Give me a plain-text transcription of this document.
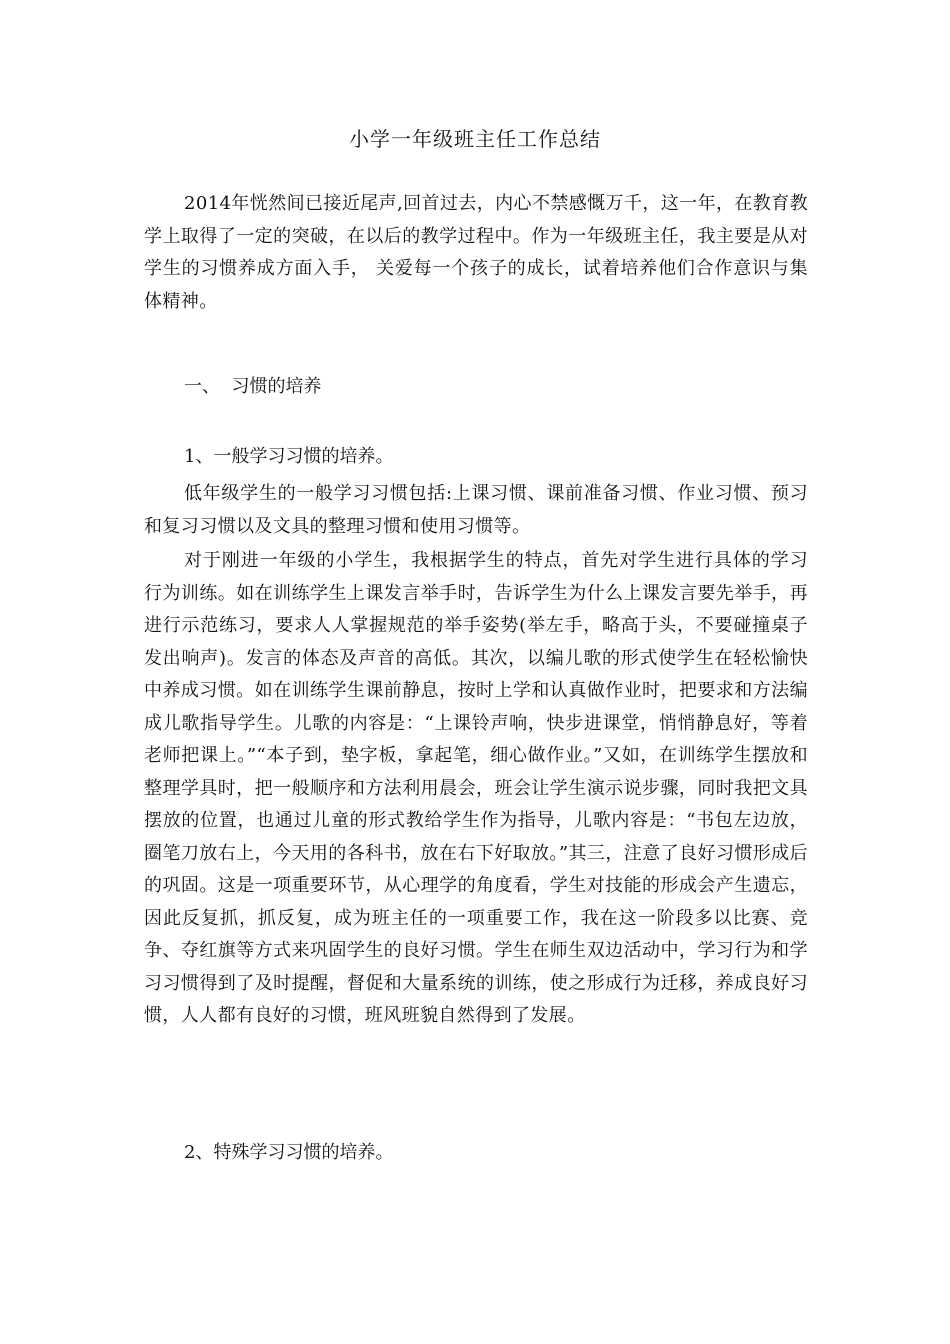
小学一年级班主任工作总结

2014年恍然间已接近尾声,回首过去，内心不禁感慨万千，这一年，在教育教学上取得了一定的突破，在以后的教学过程中。作为一年级班主任，我主要是从对学生的习惯养成方面入手， 关爱每一个孩子的成长，试着培养他们合作意识与集体精神。

一、  习惯的培养
1、一般学习习惯的培养。

低年级学生的一般学习习惯包括:上课习惯、课前准备习惯、作业习惯、预习和复习习惯以及文具的整理习惯和使用习惯等。

对于刚进一年级的小学生，我根据学生的特点，首先对学生进行具体的学习行为训练。如在训练学生上课发言举手时，告诉学生为什么上课发言要先举手，再进行示范练习，要求人人掌握规范的举手姿势(举左手，略高于头，不要碰撞桌子发出响声)。发言的体态及声音的高低。其次，以编儿歌的形式使学生在轻松愉快中养成习惯。如在训练学生课前静息，按时上学和认真做作业时，把要求和方法编成儿歌指导学生。儿歌的内容是：“上课铃声响，快步进课堂，悄悄静息好，等着老师把课上。”“本子到，垫字板，拿起笔，细心做作业。”又如，在训练学生摆放和整理学具时，把一般顺序和方法利用晨会，班会让学生演示说步骤，同时我把文具摆放的位置，也通过儿童的形式教给学生作为指导，儿歌内容是：“书包左边放，圈笔刀放右上，今天用的各科书，放在右下好取放。”其三，注意了良好习惯形成后的巩固。这是一项重要环节，从心理学的角度看，学生对技能的形成会产生遗忘，因此反复抓，抓反复，成为班主任的一项重要工作，我在这一阶段多以比赛、竞争、夺红旗等方式来巩固学生的良好习惯。学生在师生双边活动中，学习行为和学习习惯得到了及时提醒，督促和大量系统的训练，使之形成行为迁移，养成良好习惯，人人都有良好的习惯，班风班貌自然得到了发展。

2、特殊学习习惯的培养。
